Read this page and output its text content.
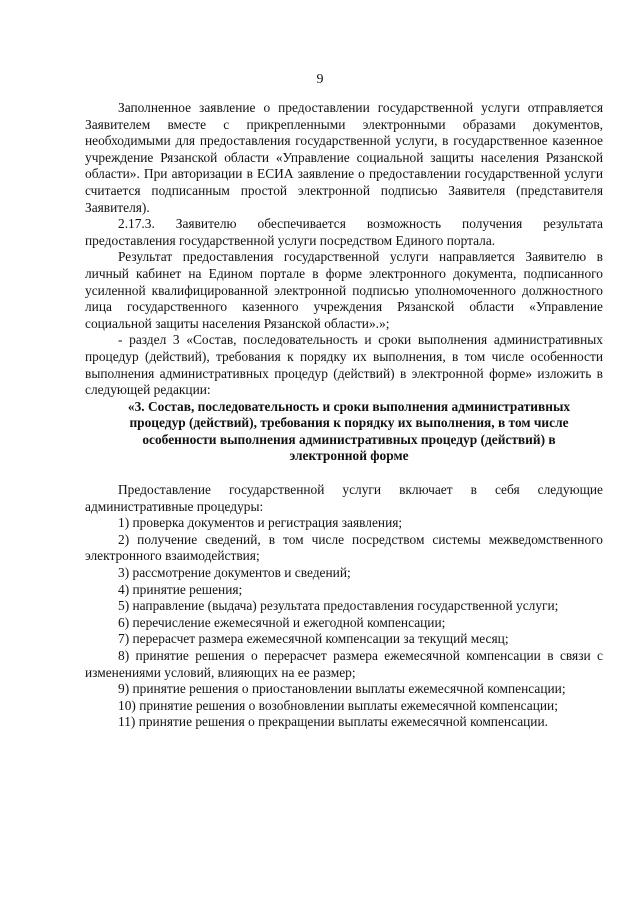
9

Заполненное заявление о предоставлении государственной услуги отправляется Заявителем вместе с прикрепленными электронными образами документов, необходимыми для предоставления государственной услуги, в государственное казенное учреждение Рязанской области «Управление социальной защиты населения Рязанской области». При авторизации в ЕСИА заявление о предоставлении государственной услуги считается подписанным простой электронной подписью Заявителя (представителя Заявителя).

2.17.3. Заявителю обеспечивается возможность получения результата предоставления государственной услуги посредством Единого портала.

Результат предоставления государственной услуги направляется Заявителю в личный кабинет на Едином портале в форме электронного документа, подписанного усиленной квалифицированной электронной подписью уполномоченного должностного лица государственного казенного учреждения Рязанской области «Управление социальной защиты населения Рязанской области».»;

- раздел 3 «Состав, последовательность и сроки выполнения административных процедур (действий), требования к порядку их выполнения, в том числе особенности выполнения административных процедур (действий) в электронной форме» изложить в следующей редакции:

«3. Состав, последовательность и сроки выполнения административных процедур (действий), требования к порядку их выполнения, в том числе особенности выполнения административных процедур (действий) в электронной форме

Предоставление государственной услуги включает в себя следующие административные процедуры:

1) проверка документов и регистрация заявления;

2) получение сведений, в том числе посредством системы межведомственного электронного взаимодействия;

3) рассмотрение документов и сведений;

4) принятие решения;

5) направление (выдача) результата предоставления государственной услуги;

6) перечисление ежемесячной и ежегодной компенсации;

7) перерасчет размера ежемесячной компенсации за текущий месяц;

8) принятие решения о перерасчет размера ежемесячной компенсации в связи с изменениями условий, влияющих на ее размер;

9) принятие решения о приостановлении выплаты ежемесячной компенсации;

10) принятие решения о возобновлении выплаты ежемесячной компенсации;

11) принятие решения о прекращении выплаты ежемесячной компенсации.
